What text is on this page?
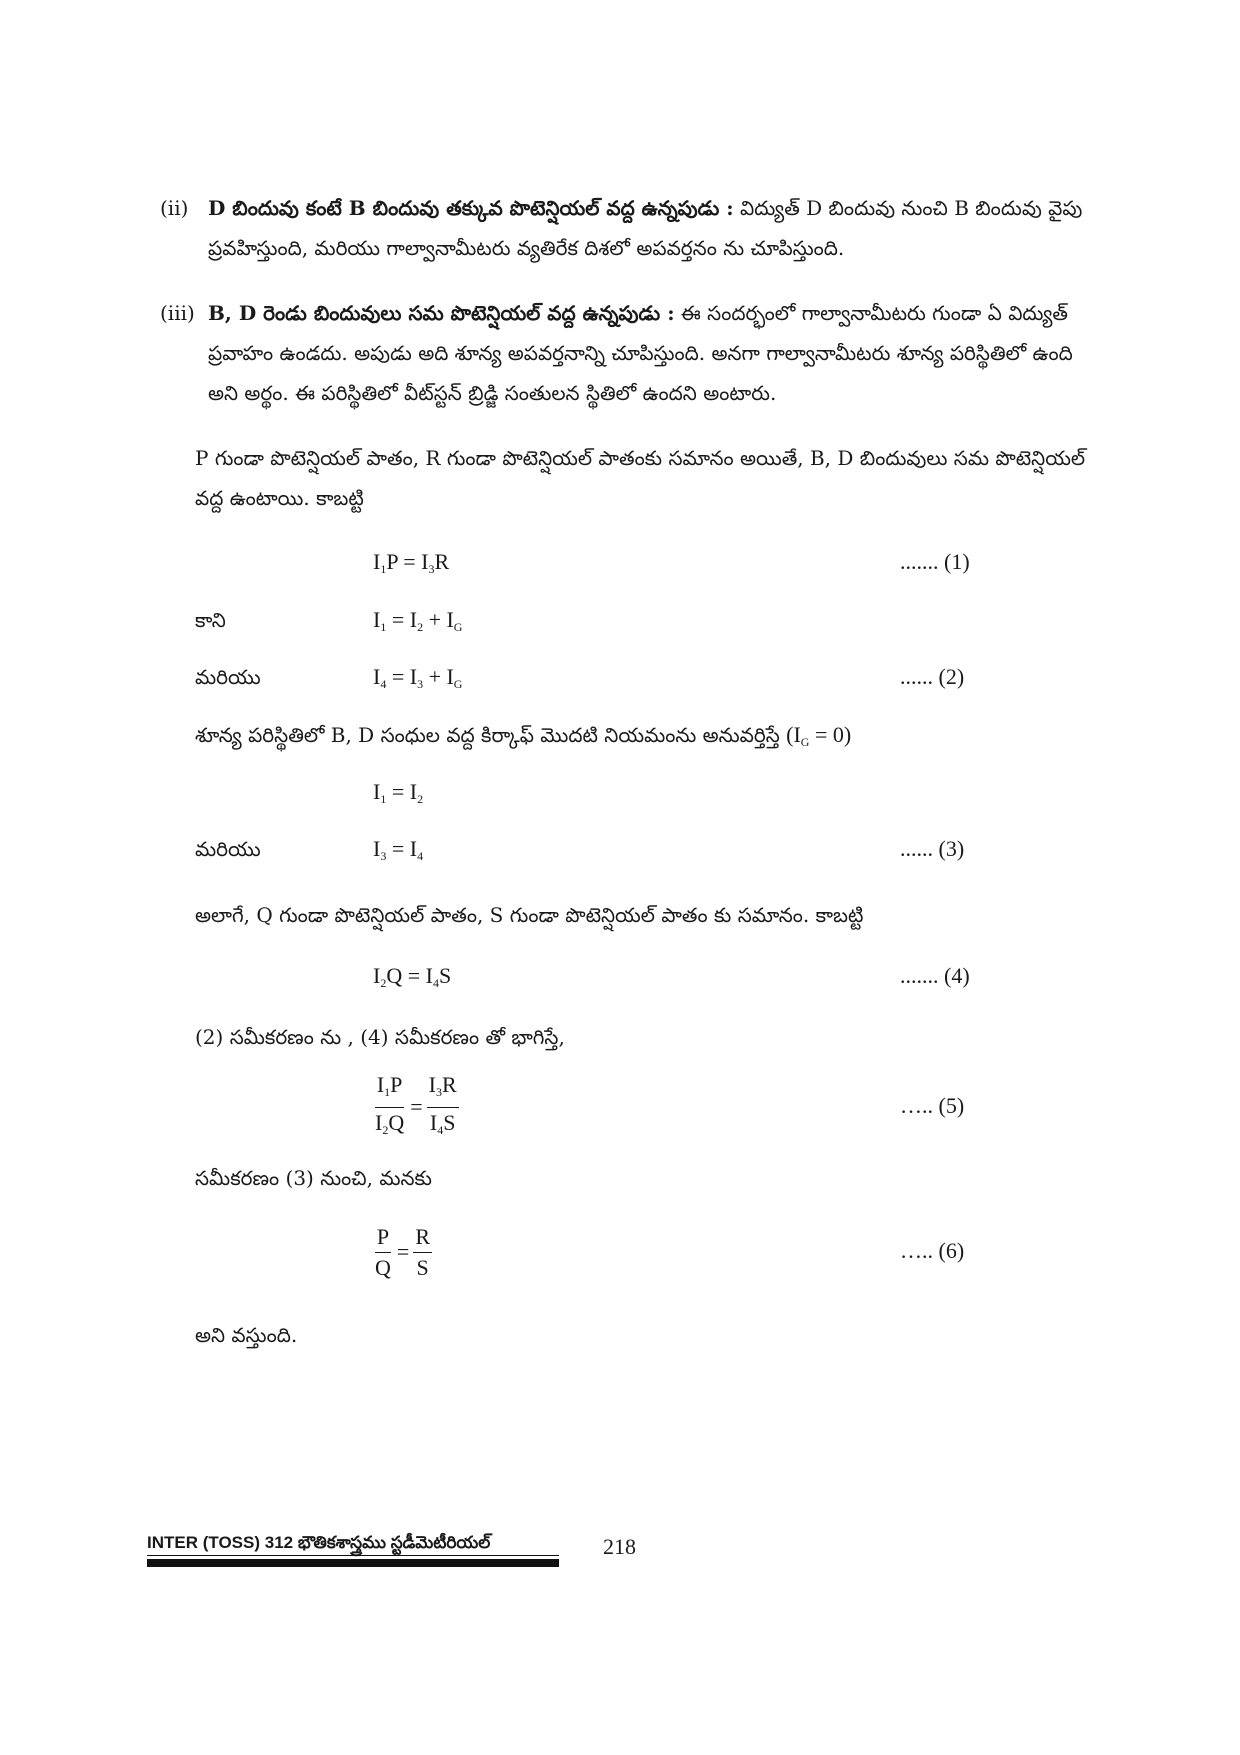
(ii) D బిందువు కంటే B బిందువు తక్కువ పొటెన్షియల్ వద్ద ఉన్నపుడు : విద్యుత్ D బిందువు నుంచి B బిందువు వైపు ప్రవహిస్తుంది, మరియు గాల్వానామీటరు వ్యతిరేక దిశలో అపవర్తనం ను చూపిస్తుంది.
(iii) B, D రెండు బిందువులు సమ పొటెన్షియల్ వద్ద ఉన్నపుడు : ఈ సందర్భంలో గాల్వానామీటరు గుండా ఏ విద్యుత్ ప్రవాహం ఉండదు. అపుడు అది శూన్య అపవర్తనాన్ని చూపిస్తుంది. అనగా గాల్వానామీటరు శూన్య పరిస్థితిలో ఉంది అని అర్థం. ఈ పరిస్థితిలో వీట్‌స్టన్ బ్రిడ్జి సంతులన స్థితిలో ఉందని అంటారు.
P గుండా పొటెన్షియల్ పాతం, R గుండా పొటెన్షియల్ పాతంకు సమానం అయితే, B, D బిందువులు సమ పొటెన్షియల్ వద్ద ఉంటాయి. కాబట్టి
$I_1P = I_3R$	....... (1)
కాని	$I_1 = I_2 + I_G$
మరియు	$I_4 = I_3 + I_G$	...... (2)
శూన్య పరిస్థితిలో B, D సంధుల వద్ద కిర్కాఫ్ మొదటి నియమంను అనువర్తిస్తే $(I_G = 0)$
$I_1 = I_2$
మరియు	$I_3 = I_4$	...... (3)
అలాగే, Q గుండా పొటెన్షియల్ పాతం, S గుండా పొటెన్షియల్ పాతం కు సమానం. కాబట్టి
$I_2Q = I_4S$	....... (4)
(2) సమీకరణం ను , (4) సమీకరణం తో భాగిస్తే,
$\frac{I_1P}{I_2Q} = \frac{I_3R}{I_4S}$	….. (5)
సమీకరణం (3) నుంచి, మనకు
$\frac{P}{Q} = \frac{R}{S}$	….. (6)
అని వస్తుంది.
INTER (TOSS) 312 భౌతికశాస్త్రము స్టడీమెటీరియల్	218
